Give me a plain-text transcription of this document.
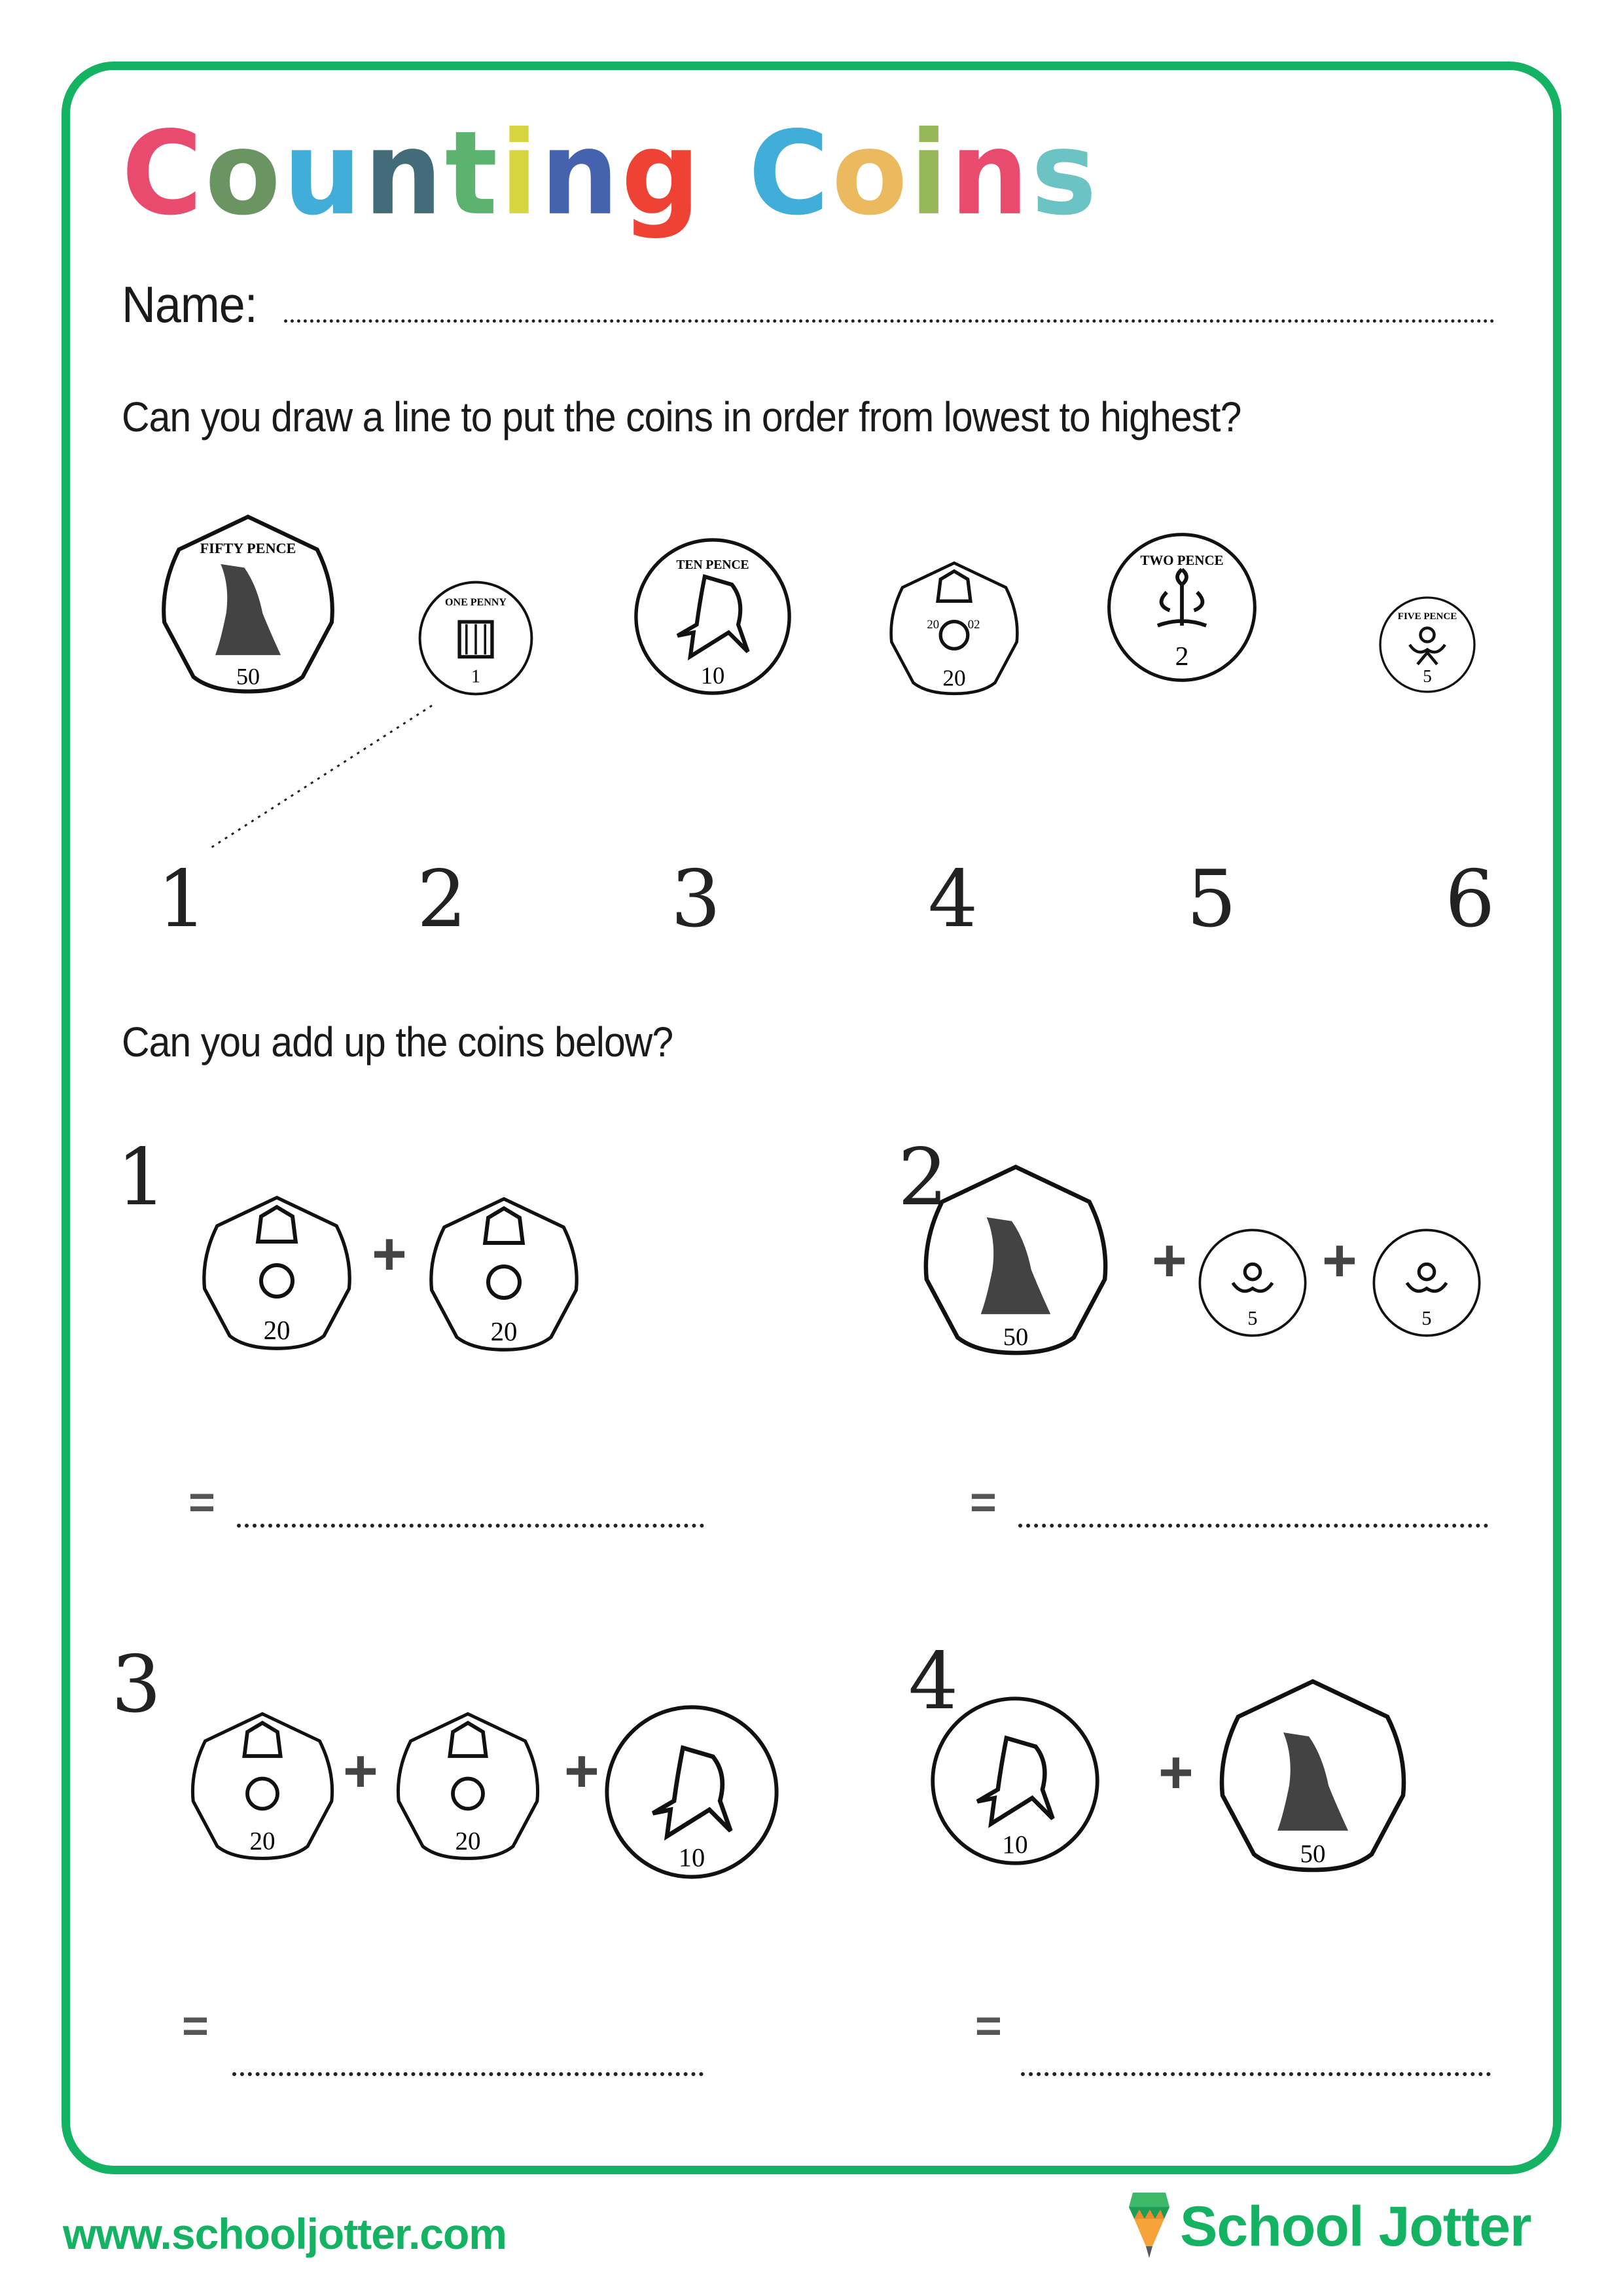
C o u n t i n g C o i n s
Name:
Can you draw a line to put the coins in order from lowest to highest?
FIFTY PENCE
50
ONE PENNY
1
TEN PENCE
10
20	02
20
TWO PENCE
2
FIVE PENCE
5
1	2	3	4	5	6
Can you add up the coins below?
1
20
+
20
=
2
50
+
5
+
5
=
3
20
+
20
+
10
=
4
10
+
50
=
www.schooljotter.com	School Jotter
